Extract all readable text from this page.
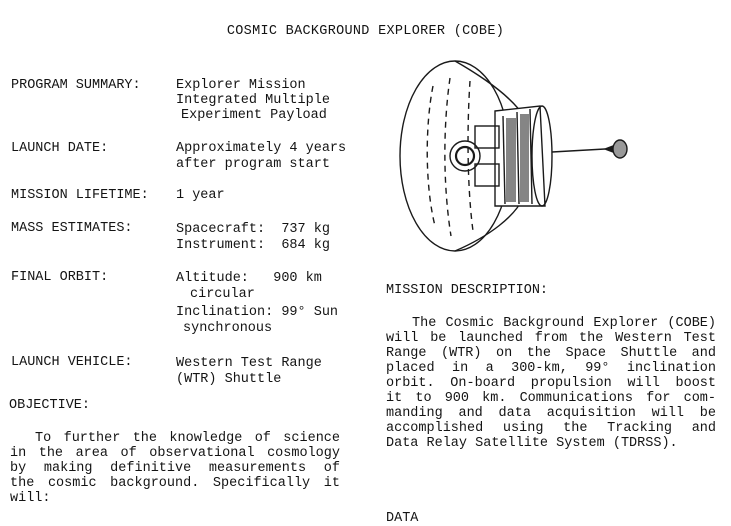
COSMIC BACKGROUND EXPLORER (COBE)
PROGRAM SUMMARY:	Explorer Mission
Integrated Multiple
Experiment Payload
LAUNCH DATE:	Approximately 4 years
after program start
MISSION LIFETIME: 1 year
MASS ESTIMATES:	Spacecraft:  737 kg
Instrument:  684 kg
FINAL ORBIT:	Altitude:   900 km
circular
Inclination: 99° Sun
synchronous
LAUNCH VEHICLE:	Western Test Range
(WTR) Shuttle
OBJECTIVE:
To further the knowledge of science
in the area of observational cosmology
by making definitive measurements of
the cosmic background. Specifically it
will:
MISSION DESCRIPTION:
The Cosmic Background Explorer (COBE)
will be launched from the Western Test
Range (WTR) on the Space Shuttle and
placed in a 300-km, 99° inclination
orbit. On-board propulsion will boost
it to 900 km. Communications for com-
manding and data acquisition will be
accomplished using the Tracking and
Data Relay Satellite System (TDRSS).
DATA
